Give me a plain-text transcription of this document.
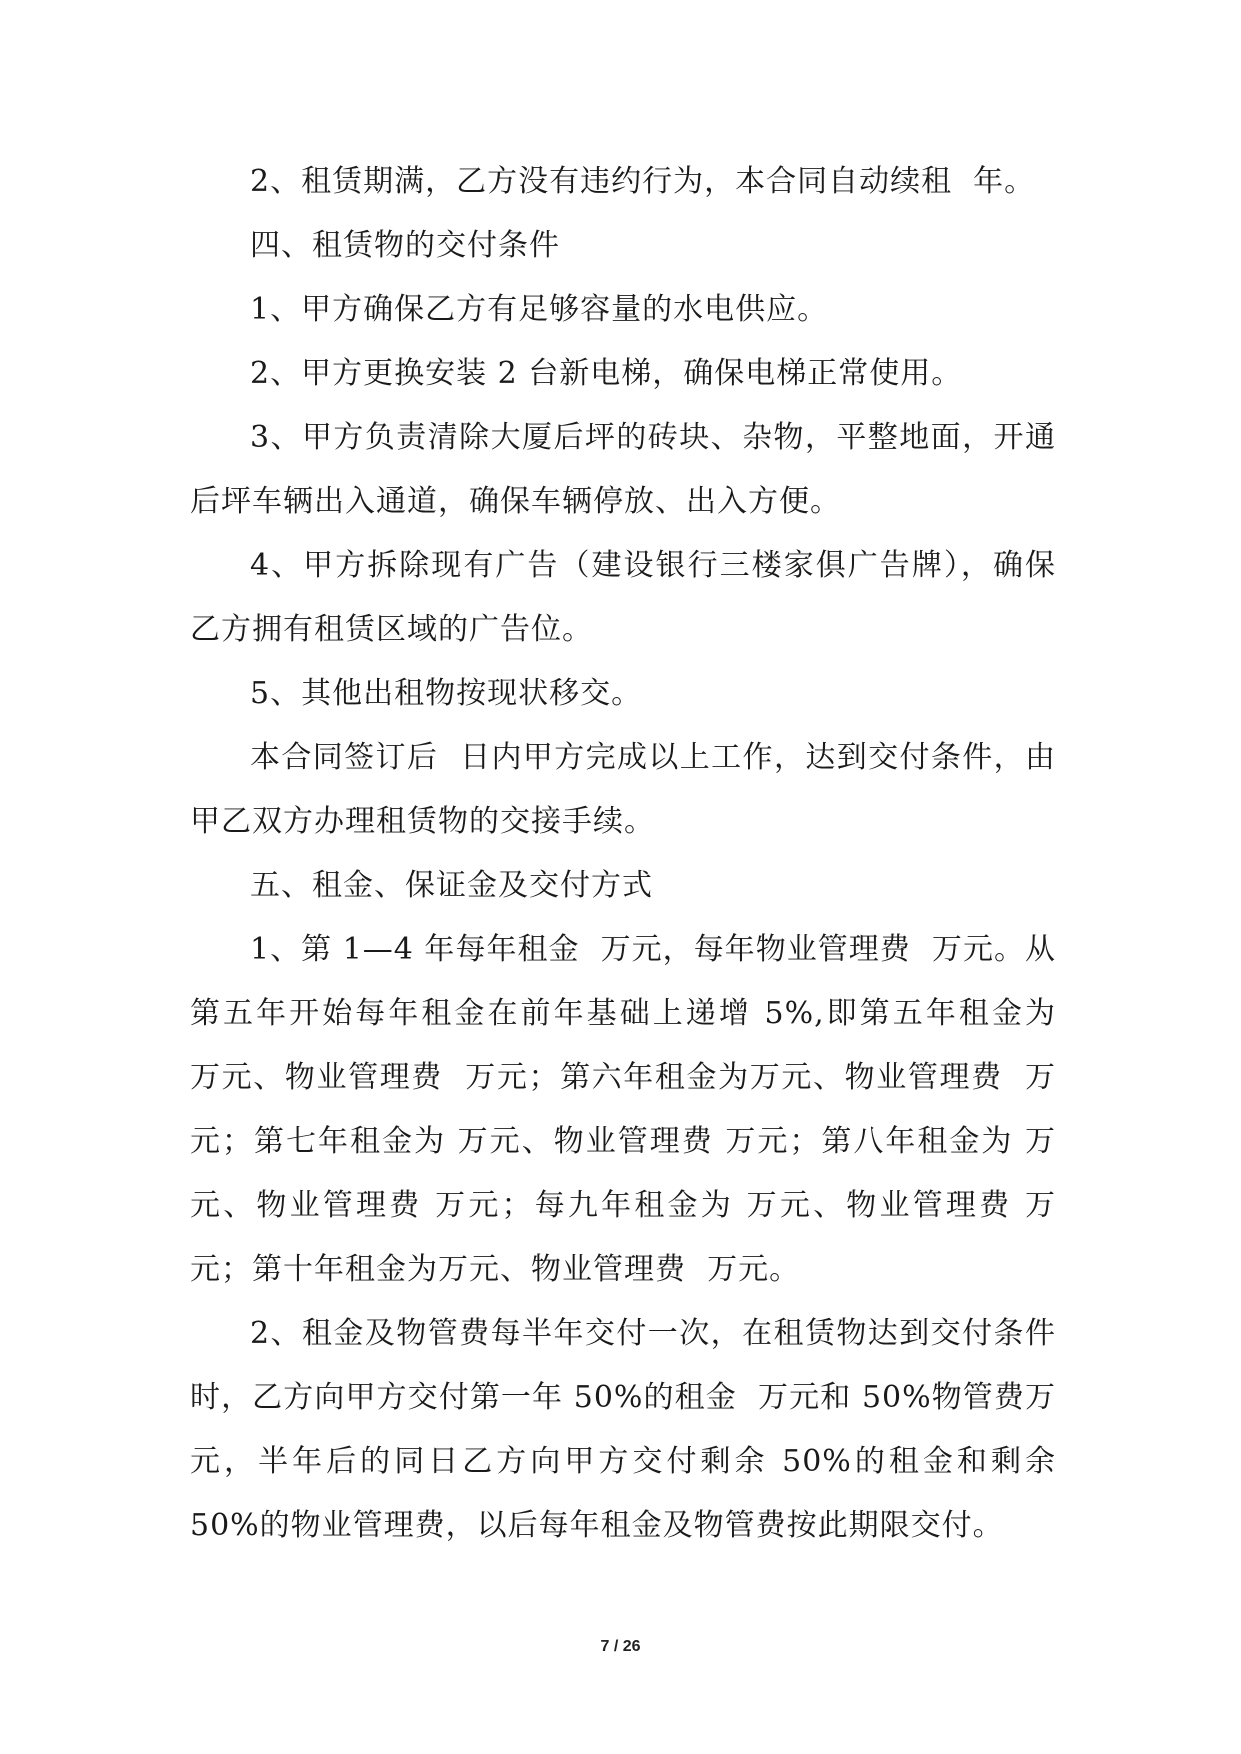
2、租赁期满，乙方没有违约行为，本合同自动续租  年。

四、租赁物的交付条件

1、甲方确保乙方有足够容量的水电供应。

2、甲方更换安装 2 台新电梯，确保电梯正常使用。

3、甲方负责清除大厦后坪的砖块、杂物，平整地面，开通后坪车辆出入通道，确保车辆停放、出入方便。

4、甲方拆除现有广告（建设银行三楼家俱广告牌），确保乙方拥有租赁区域的广告位。

5、其他出租物按现状移交。

本合同签订后  日内甲方完成以上工作，达到交付条件，由甲乙双方办理租赁物的交接手续。

五、租金、保证金及交付方式

1、第 1—4 年每年租金  万元，每年物业管理费  万元。从第五年开始每年租金在前年基础上递增 5%,即第五年租金为  万元、物业管理费  万元；第六年租金为万元、物业管理费  万元；第七年租金为 万元、物业管理费 万元；第八年租金为 万元、物业管理费 万元；每九年租金为 万元、物业管理费 万元；第十年租金为万元、物业管理费  万元。

2、租金及物管费每半年交付一次，在租赁物达到交付条件时，乙方向甲方交付第一年 50%的租金  万元和 50%物管费万元，半年后的同日乙方向甲方交付剩余 50%的租金和剩余 50%的物业管理费，以后每年租金及物管费按此期限交付。

7 / 26
